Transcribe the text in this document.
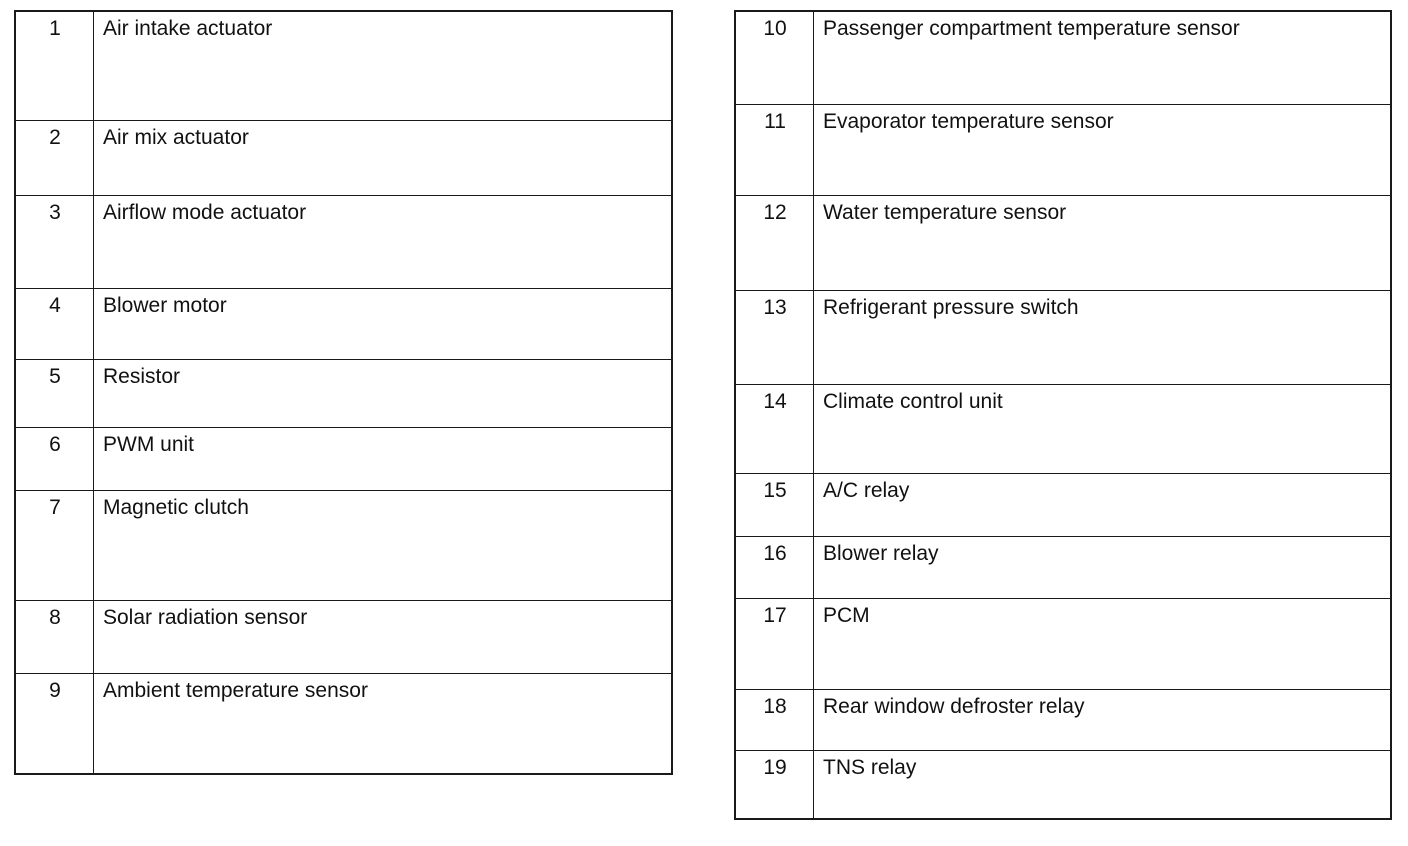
1	Air intake actuator
2	Air mix actuator
3	Airflow mode actuator
4	Blower motor
5	Resistor
6	PWM unit
7	Magnetic clutch
8	Solar radiation sensor
9	Ambient temperature sensor
10	Passenger compartment temperature sensor
11	Evaporator temperature sensor
12	Water temperature sensor
13	Refrigerant pressure switch
14	Climate control unit
15	A/C relay
16	Blower relay
17	PCM
18	Rear window defroster relay
19	TNS relay
